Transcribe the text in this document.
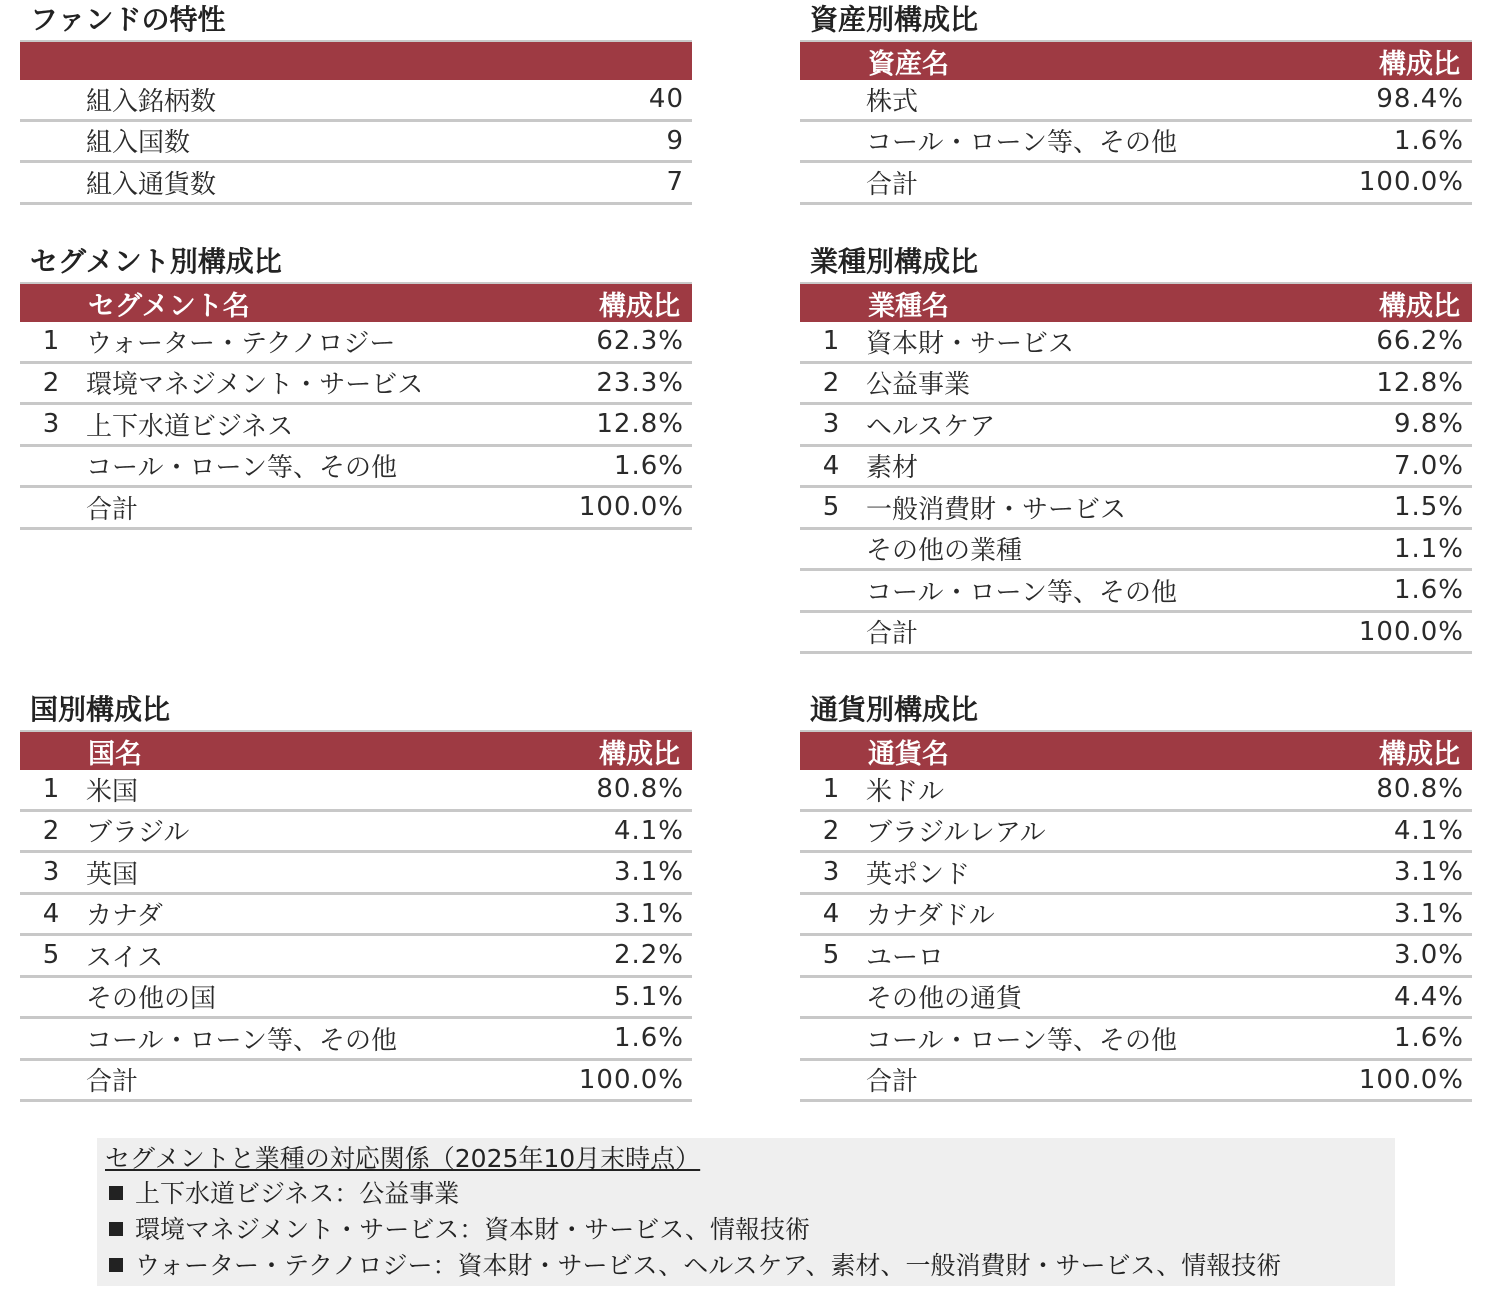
ファンドの特性
組入銘柄数	40
組入国数	9
組入通貨数	7
資産別構成比
資産名	構成比
株式	98.4%
コール・ローン等、その他	1.6%
合計	100.0%
セグメント別構成比
セグメント名	構成比
1	ウォーター・テクノロジー	62.3%
2	環境マネジメント・サービス	23.3%
3	上下水道ビジネス	12.8%
コール・ローン等、その他	1.6%
合計	100.0%
業種別構成比
業種名	構成比
1	資本財・サービス	66.2%
2	公益事業	12.8%
3	ヘルスケア	9.8%
4	素材	7.0%
5	一般消費財・サービス	1.5%
その他の業種	1.1%
コール・ローン等、その他	1.6%
合計	100.0%
国別構成比
国名	構成比
1	米国	80.8%
2	ブラジル	4.1%
3	英国	3.1%
4	カナダ	3.1%
5	スイス	2.2%
その他の国	5.1%
コール・ローン等、その他	1.6%
合計	100.0%
通貨別構成比
通貨名	構成比
1	米ドル	80.8%
2	ブラジルレアル	4.1%
3	英ポンド	3.1%
4	カナダドル	3.1%
5	ユーロ	3.0%
その他の通貨	4.4%
コール・ローン等、その他	1.6%
合計	100.0%
セグメントと業種の対応関係（2025年10月末時点）
上下水道ビジネス：公益事業
環境マネジメント・サービス：資本財・サービス、情報技術
ウォーター・テクノロジー：資本財・サービス、ヘルスケア、素材、一般消費財・サービス、情報技術
